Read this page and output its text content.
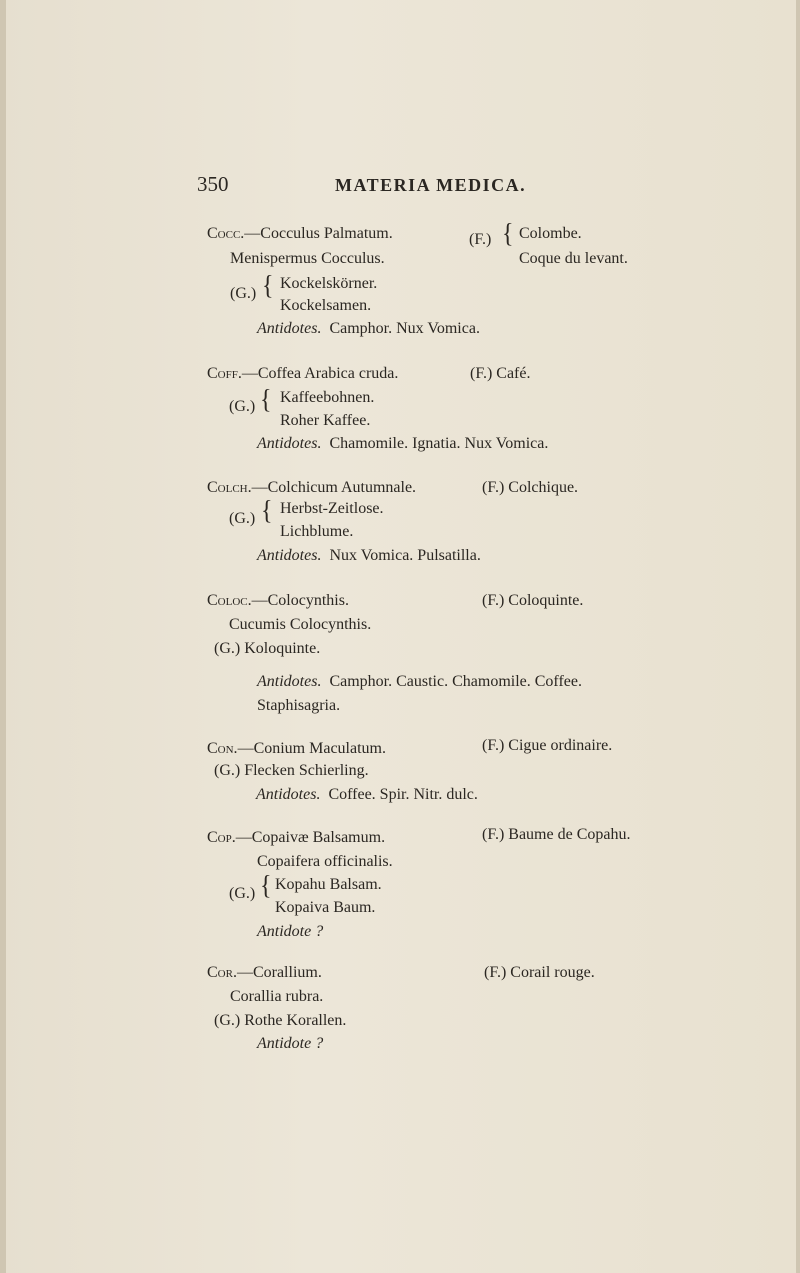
350	MATERIA MEDICA.
Cocc.—Cocculus Palmatum.	(F.) { Colombe.
Coque du levant.
Menispermus Cocculus.
(G.) { Kockelskörner.
Kockelsamen.
Antidotes. Camphor. Nux Vomica.
Coff.—Coffea Arabica cruda.	(F.) Café.
(G.) { Kaffeebohnen.
Roher Kaffee.
Antidotes. Chamomile. Ignatia. Nux Vomica.
Colch.—Colchicum Autumnale.	(F.) Colchique.
(G.) { Herbst-Zeitlose.
Lichblume.
Antidotes. Nux Vomica. Pulsatilla.
Coloc.—Colocynthis.	(F.) Coloquinte.
Cucumis Colocynthis.
(G.) Koloquinte.
Antidotes. Camphor. Caustic. Chamomile. Coffee.
Staphisagria.
Con.—Conium Maculatum.	(F.) Cigue ordinaire.
(G.) Flecken Schierling.
Antidotes. Coffee. Spir. Nitr. dulc.
Cop.—Copaivæ Balsamum.	(F.) Baume de Copahu.
Copaifera officinalis.
(G.) { Kopahu Balsam.
Kopaiva Baum.
Antidote ?
Cor.—Corallium.	(F.) Corail rouge.
Corallia rubra.
(G.) Rothe Korallen.
Antidote ?
